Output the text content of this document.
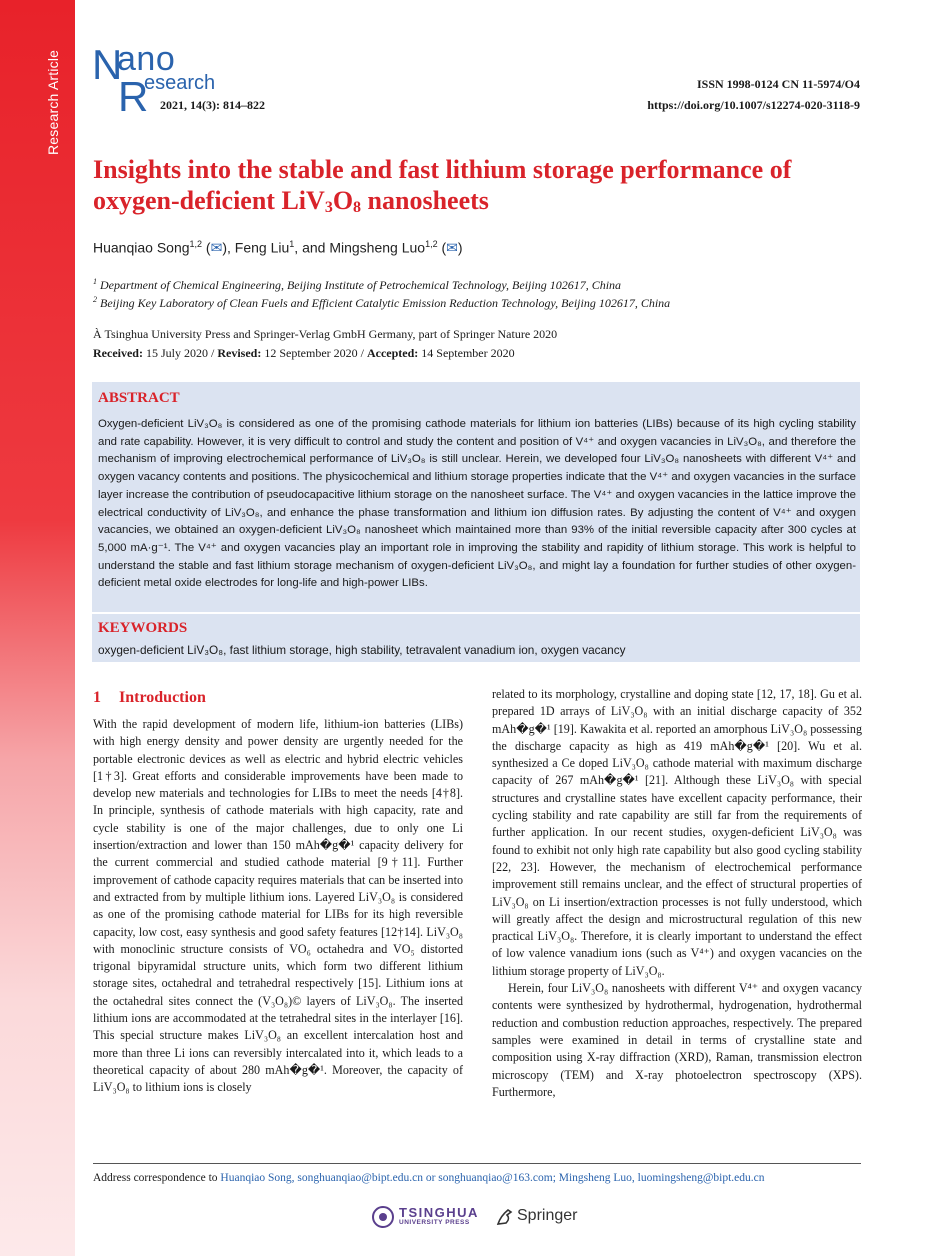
Research Article N
ano
R
esearch
2021, 14(3): 814–822
ISSN 1998-0124 CN 11-5974/O4
https://doi.org/10.1007/s12274-020-3118-9
Insights into the stable and fast lithium storage performance of oxygen-deficient $LiV_3O_8$ nanosheets
Huanqiao Song$^{1,2}$ (✉), Feng Liu$^1$, and Mingsheng Luo$^{1,2}$ (✉)
$^1$ Department of Chemical Engineering, Beijing Institute of Petrochemical Technology, Beijing 102617, China
$^2$ Beijing Key Laboratory of Clean Fuels and Efficient Catalytic Emission Reduction Technology, Beijing 102617, China
À Tsinghua University Press and Springer-Verlag GmbH Germany, part of Springer Nature 2020
Received: 15 July 2020 / Revised: 12 September 2020 / Accepted: 14 September 2020
ABSTRACT
Oxygen-deficient LiV₃O₈ is considered as one of the promising cathode materials for lithium ion batteries (LIBs) because of its high cycling stability and rate capability. However, it is very difficult to control and study the content and position of V⁴⁺ and oxygen vacancies in LiV₃O₈, and therefore the mechanism of improving electrochemical performance of LiV₃O₈ is still unclear. Herein, we developed four LiV₃O₈ nanosheets with different V⁴⁺ and oxygen vacancy contents and positions. The physicochemical and lithium storage properties indicate that the V⁴⁺ and oxygen vacancies in the surface layer increase the contribution of pseudocapacitive lithium storage on the nanosheet surface. The V⁴⁺ and oxygen vacancies in the lattice improve the electrical conductivity of LiV₃O₈, and enhance the phase transformation and lithium ion diffusion rates. By adjusting the content of V⁴⁺ and oxygen vacancies, we obtained an oxygen-deficient LiV₃O₈ nanosheet which maintained more than 93% of the initial reversible capacity after 300 cycles at 5,000 mA·g⁻¹. The V⁴⁺ and oxygen vacancies play an important role in improving the stability and rapidity of lithium storage. This work is helpful to understand the stable and fast lithium storage mechanism of oxygen-deficient LiV₃O₈, and might lay a foundation for further studies of other oxygen-deficient metal oxide electrodes for long-life and high-power LIBs.
KEYWORDS
oxygen-deficient LiV₃O₈, fast lithium storage, high stability, tetravalent vanadium ion, oxygen vacancy
1 Introduction

With the rapid development of modern life, lithium-ion batteries (LIBs) with high energy density and power density are urgently needed for the portable electronic devices as well as electric and hybrid electric vehicles [1†3]. Great efforts and considerable improvements have been made to develop new materials and technologies for LIBs to meet the needs [4†8]. In principle, synthesis of cathode materials with high capacity, rate and cycle stability is one of the major challenges, due to only one Li insertion/extraction and lower than 150 mAh�g�¹ capacity delivery for the current commercial and studied cathode material [9†11]. Further improvement of cathode capacity requires materials that can be inserted into and extracted from by multiple lithium ions. Layered LiV₃O₈ is considered as one of the promising cathode material for LIBs for its high reversible capacity, low cost, easy synthesis and good safety features [12†14]. LiV₃O₈ with monoclinic structure consists of VO₆ octahedra and VO₅ distorted trigonal bipyramidal structure units, which form two different lithium storage sites, octahedral and tetrahedral respectively [15]. Lithium ions at the octahedral sites connect the (V₃O₈)© layers of LiV₃O₈. The inserted lithium ions are accommodated at the tetrahedral sites in the interlayer [16]. This special structure makes LiV₃O₈ an excellent intercalation host and more than three Li ions can reversibly intercalated into it, which leads to a theoretical capacity of about 280 mAh�g�¹. Moreover, the capacity of LiV₃O₈ to lithium ions is closely

related to its morphology, crystalline and doping state [12, 17, 18]. Gu et al. prepared 1D arrays of LiV₃O₈ with an initial discharge capacity of 352 mAh�g�¹ [19]. Kawakita et al. reported an amorphous LiV₃O₈ possessing the discharge capacity as high as 419 mAh�g�¹ [20]. Wu et al. synthesized a Ce doped LiV₃O₈ cathode material with maximum discharge capacity of 267 mAh�g�¹ [21]. Although these LiV₃O₈ with special structures and crystalline states have excellent capacity performance, their cycling stability and rate capability are still far from the requirements of further application. In our recent studies, oxygen-deficient LiV₃O₈ was found to exhibit not only high rate capability but also good cycling stability [22, 23]. However, the mechanism of electrochemical performance improvement still remains unclear, and the effect of structural properties of LiV₃O₈ on Li insertion/extraction processes is not fully understood, which will greatly affect the design and microstructural regulation of this new practical LiV₃O₈. Therefore, it is clearly important to understand the effect of low valence vanadium ions (such as V⁴⁺) and oxygen vacancies on the lithium storage property of LiV₃O₈.

Herein, four LiV₃O₈ nanosheets with different V⁴⁺ and oxygen vacancy contents were synthesized by hydrothermal, hydrogenation, hydrothermal reduction and combustion reduction approaches, respectively. The prepared samples were examined in detail in terms of crystalline state and composition using X-ray diffraction (XRD), Raman, transmission electron microscopy (TEM) and X-ray photoelectron spectroscopy (XPS). Furthermore,

Address correspondence to Huanqiao Song, songhuanqiao@bipt.edu.cn or songhuanqiao@163.com; Mingsheng Luo, luomingsheng@bipt.edu.cn
TSINGHUA
UNIVERSITY PRESS	Springer
